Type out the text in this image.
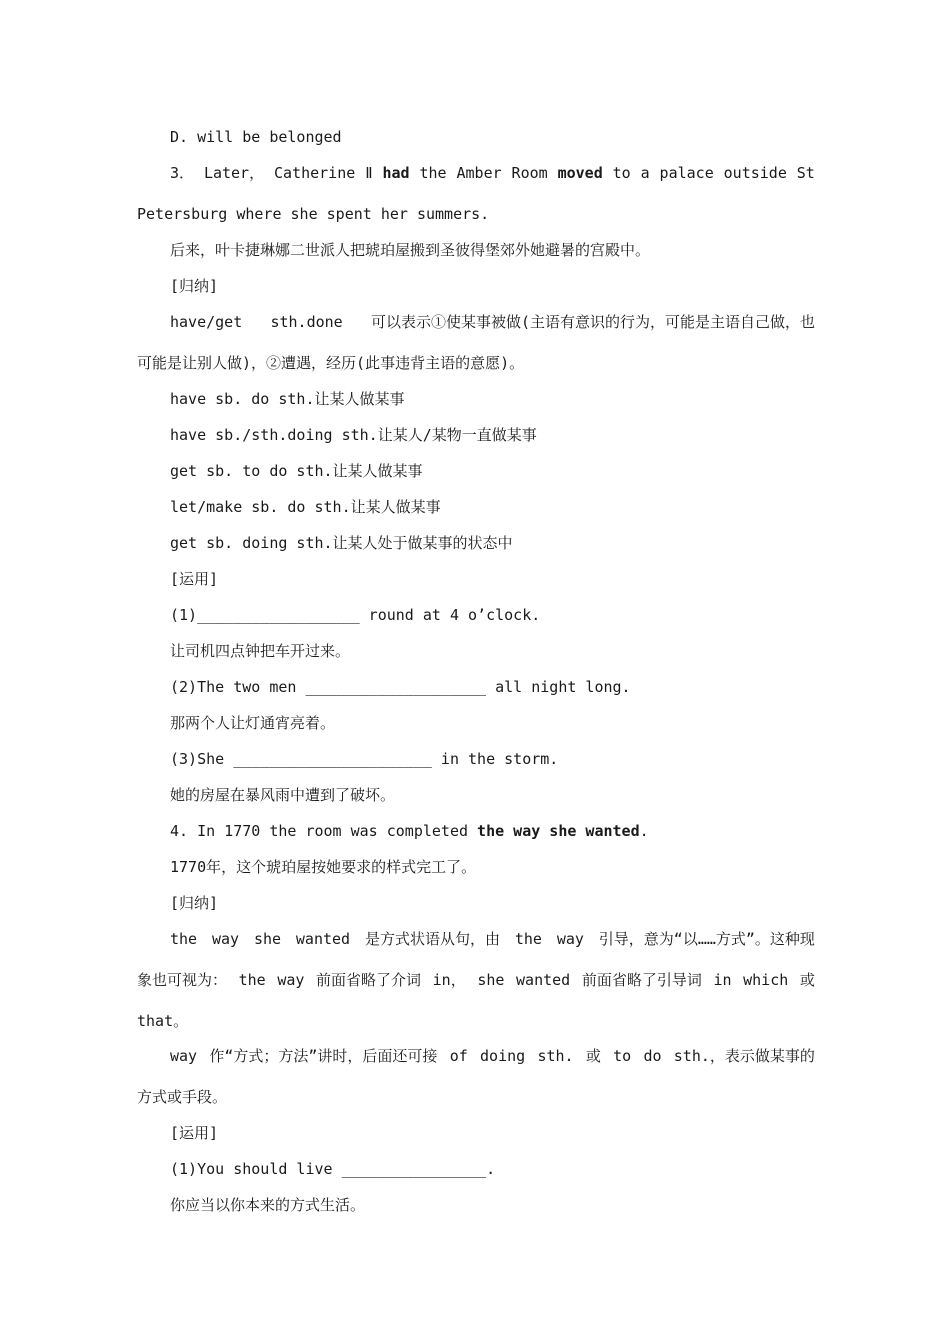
D. will be belonged
3． Later， Catherine Ⅱ had the Amber Room moved to a palace outside St
Petersburg where she spent her summers.
后来，叶卡捷琳娜二世派人把琥珀屋搬到圣彼得堡郊外她避暑的宫殿中。
[归纳]
have/get sth.done 可以表示①使某事被做(主语有意识的行为，可能是主语自己做，也
可能是让别人做)，②遭遇，经历(此事违背主语的意愿)。
have sb. do sth.让某人做某事
have sb./sth.doing sth.让某人/某物一直做某事
get sb. to do sth.让某人做某事
let/make sb. do sth.让某人做某事
get sb. doing sth.让某人处于做某事的状态中
[运用]
(1)__________________ round at 4 o’clock.
让司机四点钟把车开过来。
(2)The two men ____________________ all night long.
那两个人让灯通宵亮着。
(3)She ______________________ in the storm.
她的房屋在暴风雨中遭到了破坏。
4. In 1770 the room was completed the way she wanted.
1770年，这个琥珀屋按她要求的样式完工了。
[归纳]
the way she wanted 是方式状语从句，由 the way 引导，意为“以……方式”。这种现
象也可视为： the way 前面省略了介词 in， she wanted 前面省略了引导词 in which 或
that。
way 作“方式；方法”讲时，后面还可接 of doing sth. 或 to do sth.，表示做某事的
方式或手段。
[运用]
(1)You should live ________________.
你应当以你本来的方式生活。
